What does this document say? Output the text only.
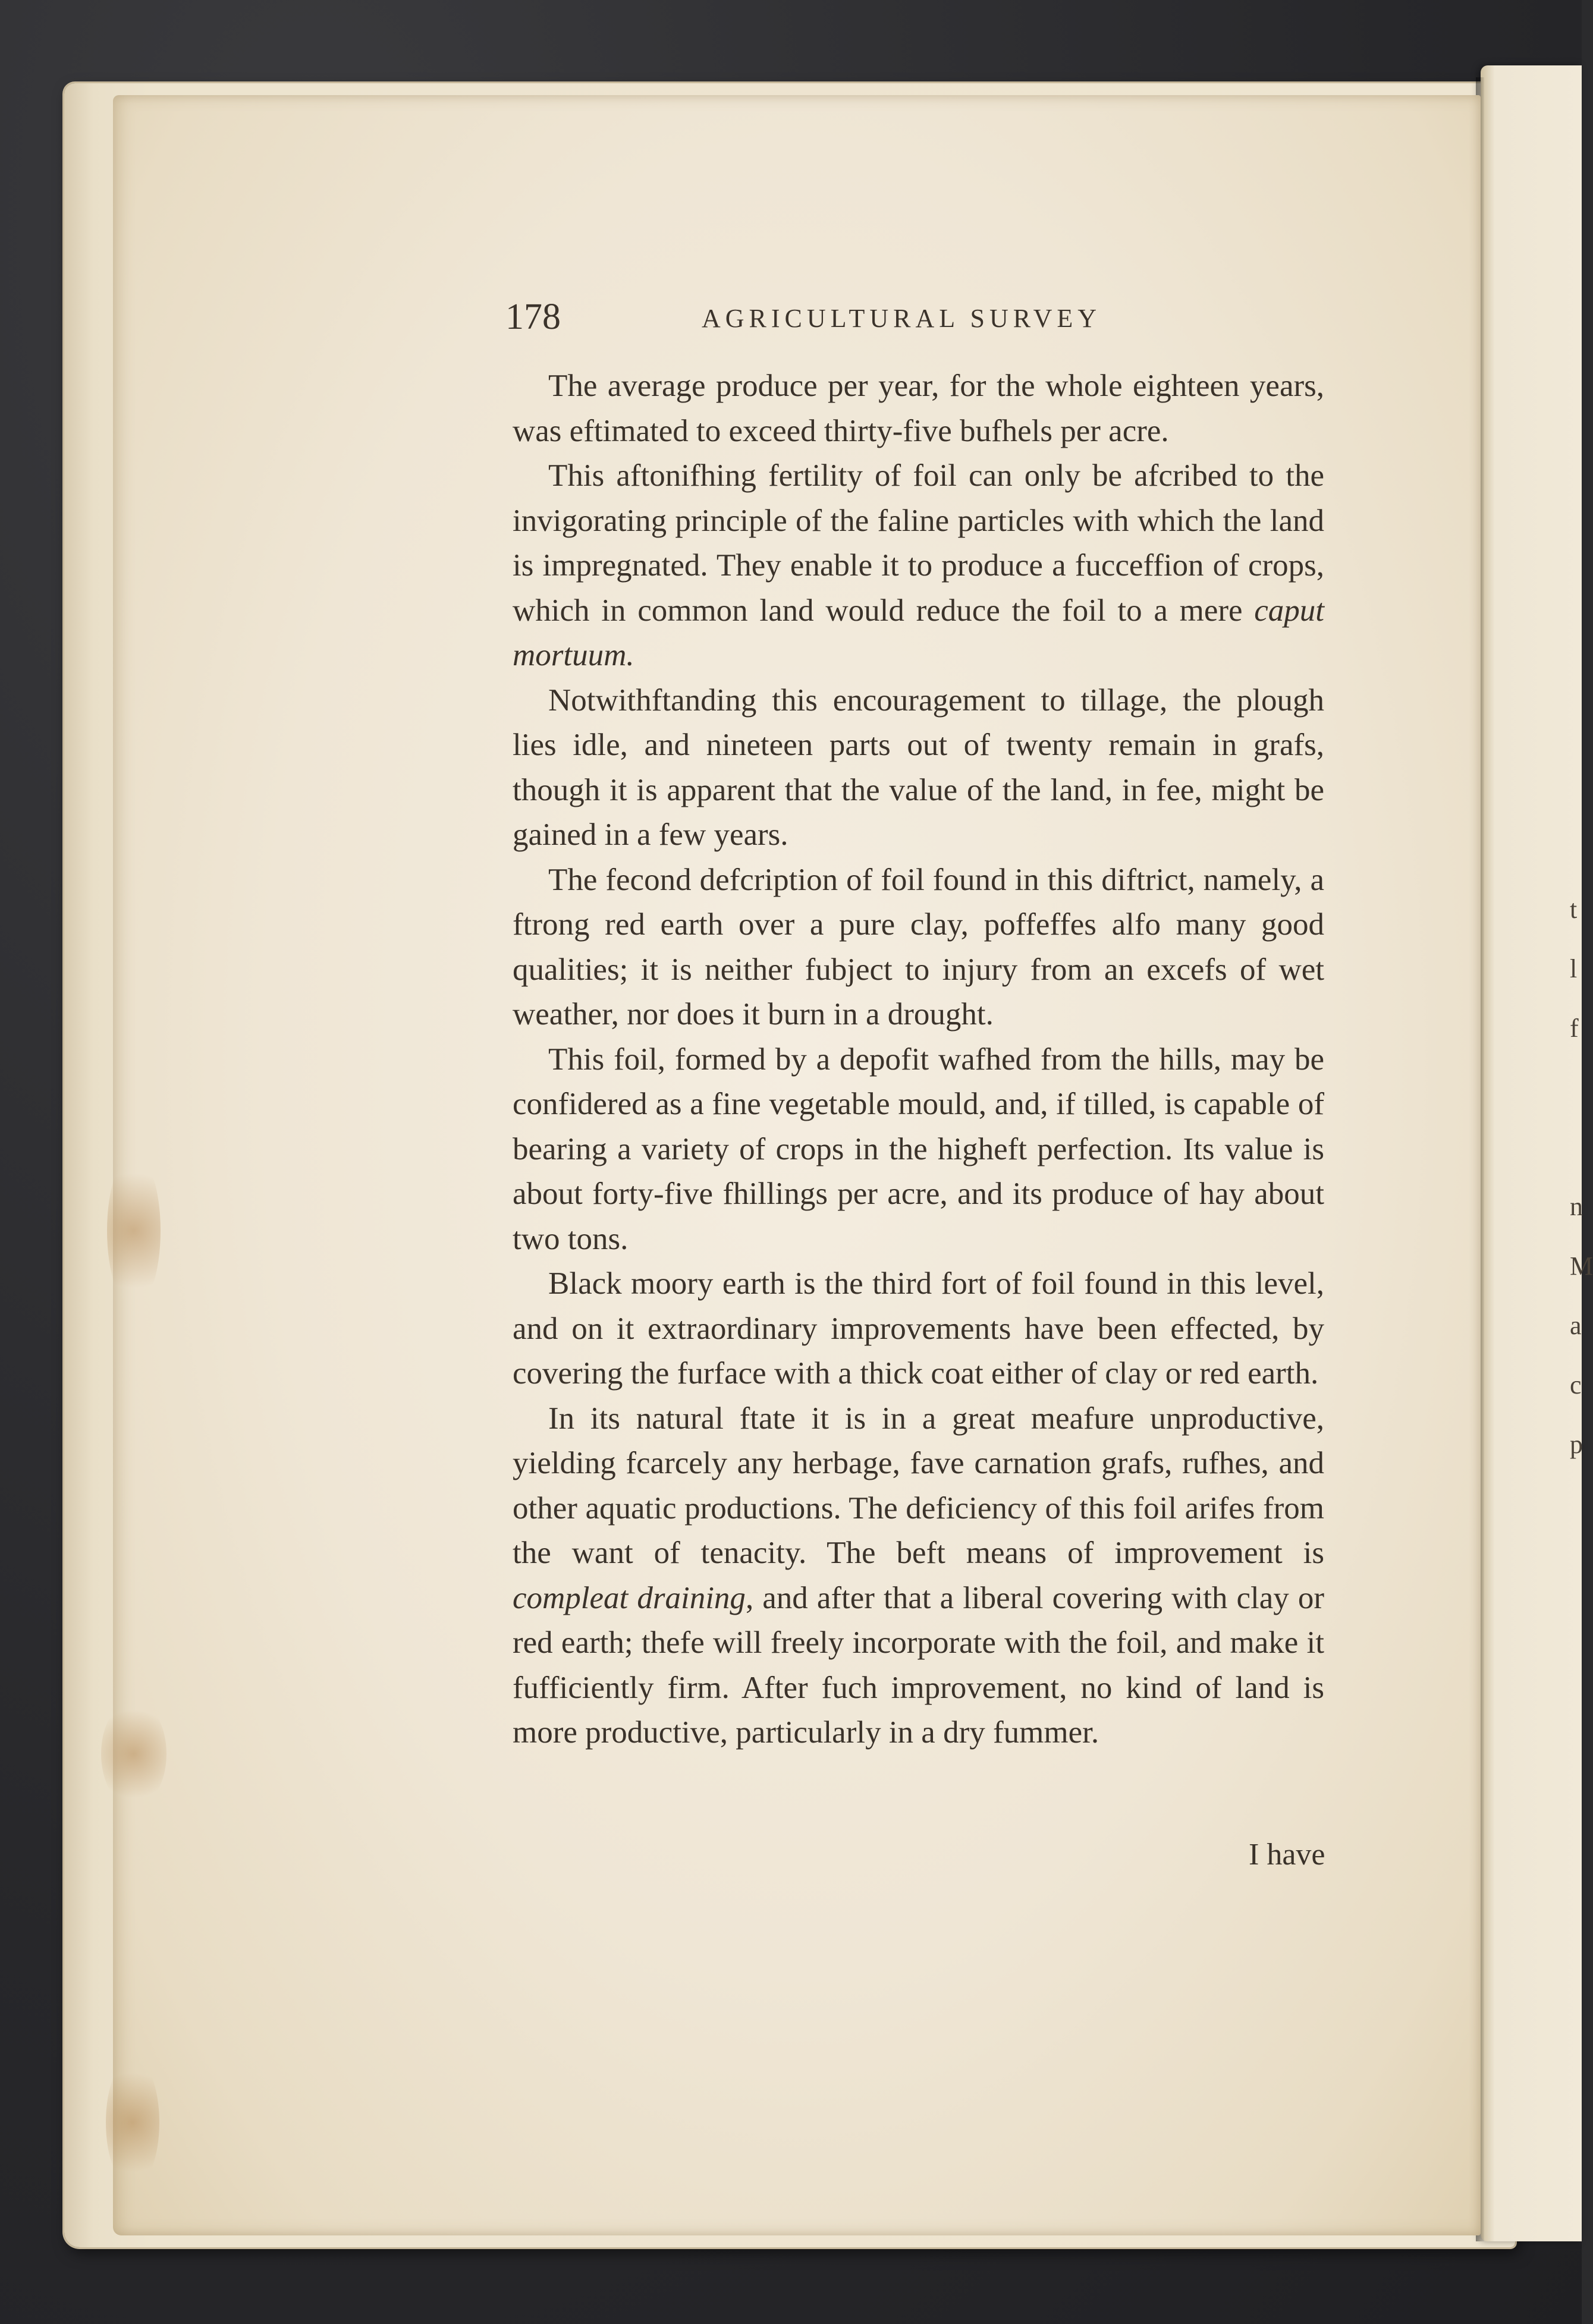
t
l
f
n
M
a
c
p
178	AGRICULTURAL SURVEY

The average produce per year, for the whole eighteen years, was eftimated to exceed thirty-five bufhels per acre.

This aftonifhing fertility of foil can only be afcribed to the invigorating principle of the faline particles with which the land is impregnated. They enable it to produce a fucceffion of crops, which in common land would reduce the foil to a mere caput mortuum.

Notwithftanding this encouragement to tillage, the plough lies idle, and nineteen parts out of twenty remain in grafs, though it is apparent that the value of the land, in fee, might be gained in a few years.

The fecond defcription of foil found in this diftrict, namely, a ftrong red earth over a pure clay, poffeffes alfo many good qualities; it is neither fubject to injury from an excefs of wet weather, nor does it burn in a drought.

This foil, formed by a depofit wafhed from the hills, may be confidered as a fine vegetable mould, and, if tilled, is capable of bearing a variety of crops in the higheft perfection. Its value is about forty-five fhillings per acre, and its produce of hay about two tons.

Black moory earth is the third fort of foil found in this level, and on it extraordinary improvements have been effected, by covering the furface with a thick coat either of clay or red earth.

In its natural ftate it is in a great meafure unproductive, yielding fcarcely any herbage, fave carnation grafs, rufhes, and other aquatic productions. The deficiency of this foil arifes from the want of tenacity. The beft means of improvement is compleat draining, and after that a liberal covering with clay or red earth; thefe will freely incorporate with the foil, and make it fufficiently firm. After fuch improvement, no kind of land is more productive, particularly in a dry fummer.

I have
